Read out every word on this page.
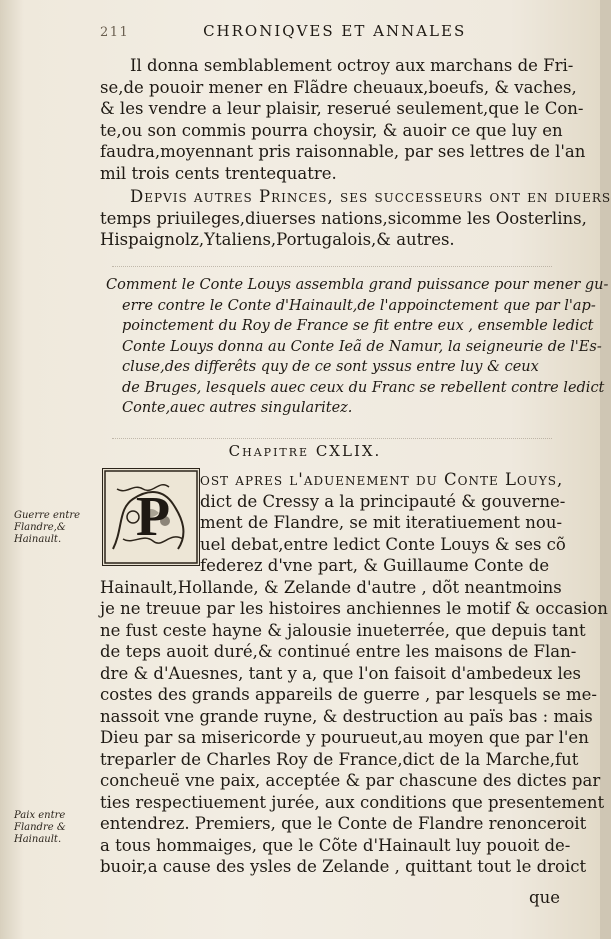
211	CHRONIQVES ET ANNALES
Il donna semblablement octroy aux marchans de Fri-
se,de pouoir mener en Flãdre cheuaux,boeufs, & vaches,
& les vendre a leur plaisir, reserué seulement,que le Con-
te,ou son commis pourra choysir, & auoir ce que luy en
faudra,moyennant pris raisonnable, par ses lettres de l'an
mil trois cents trentequatre.
Depvis autres Princes, ses successeurs ont en diuers
temps priuileges,diuerses nations,sicomme les Oosterlins,
Hispaignolz,Ytaliens,Portugalois,& autres.
Comment le Conte Louys assembla grand puissance pour mener gu-
erre contre le Conte d'Hainault,de l'appoinctement que par l'ap-
poinctement du Roy de France se fit entre eux , ensemble ledict
Conte Louys donna au Conte Ieã de Namur, la seigneurie de l'Es-
cluse,des differêts quy de ce sont yssus entre luy & ceux
de Bruges, lesquels auec ceux du Franc se rebellent contre ledict
Conte,auec autres singularitez.
Chapitre CXLIX.
P
ost apres l'aduenement du Conte Louys,
dict de Cressy a la principauté & gouverne-
ment de Flandre, se mit iteratiuement nou-
uel debat,entre ledict Conte Louys & ses cõ
federez d'vne part, & Guillaume Conte de
Hainault,Hollande, & Zelande d'autre , dõt neantmoins
je ne treuue par les histoires anchiennes le motif & occasion
ne fust ceste hayne & jalousie inueterrée, que depuis tant
de teps auoit duré,& continué entre les maisons de Flan-
dre & d'Auesnes, tant y a, que l'on faisoit d'ambedeux les
costes des grands appareils de guerre , par lesquels se me-
nassoit vne grande ruyne, & destruction au païs bas : mais
Dieu par sa misericorde y pourueut,au moyen que par l'en
treparler de Charles Roy de France,dict de la Marche,fut
concheuë vne paix, acceptée & par chascune des dictes par
ties respectiuement jurée, aux conditions que presentement
entendrez. Premiers, que le Conte de Flandre renonceroit
a tous hommaiges, que le Cõte d'Hainault luy pouoit de-
buoir,a cause des ysles de Zelande , quittant tout le droict
que
Guerre entre Flandre,& Hainault.
Paix entre Flandre & Hainault.
